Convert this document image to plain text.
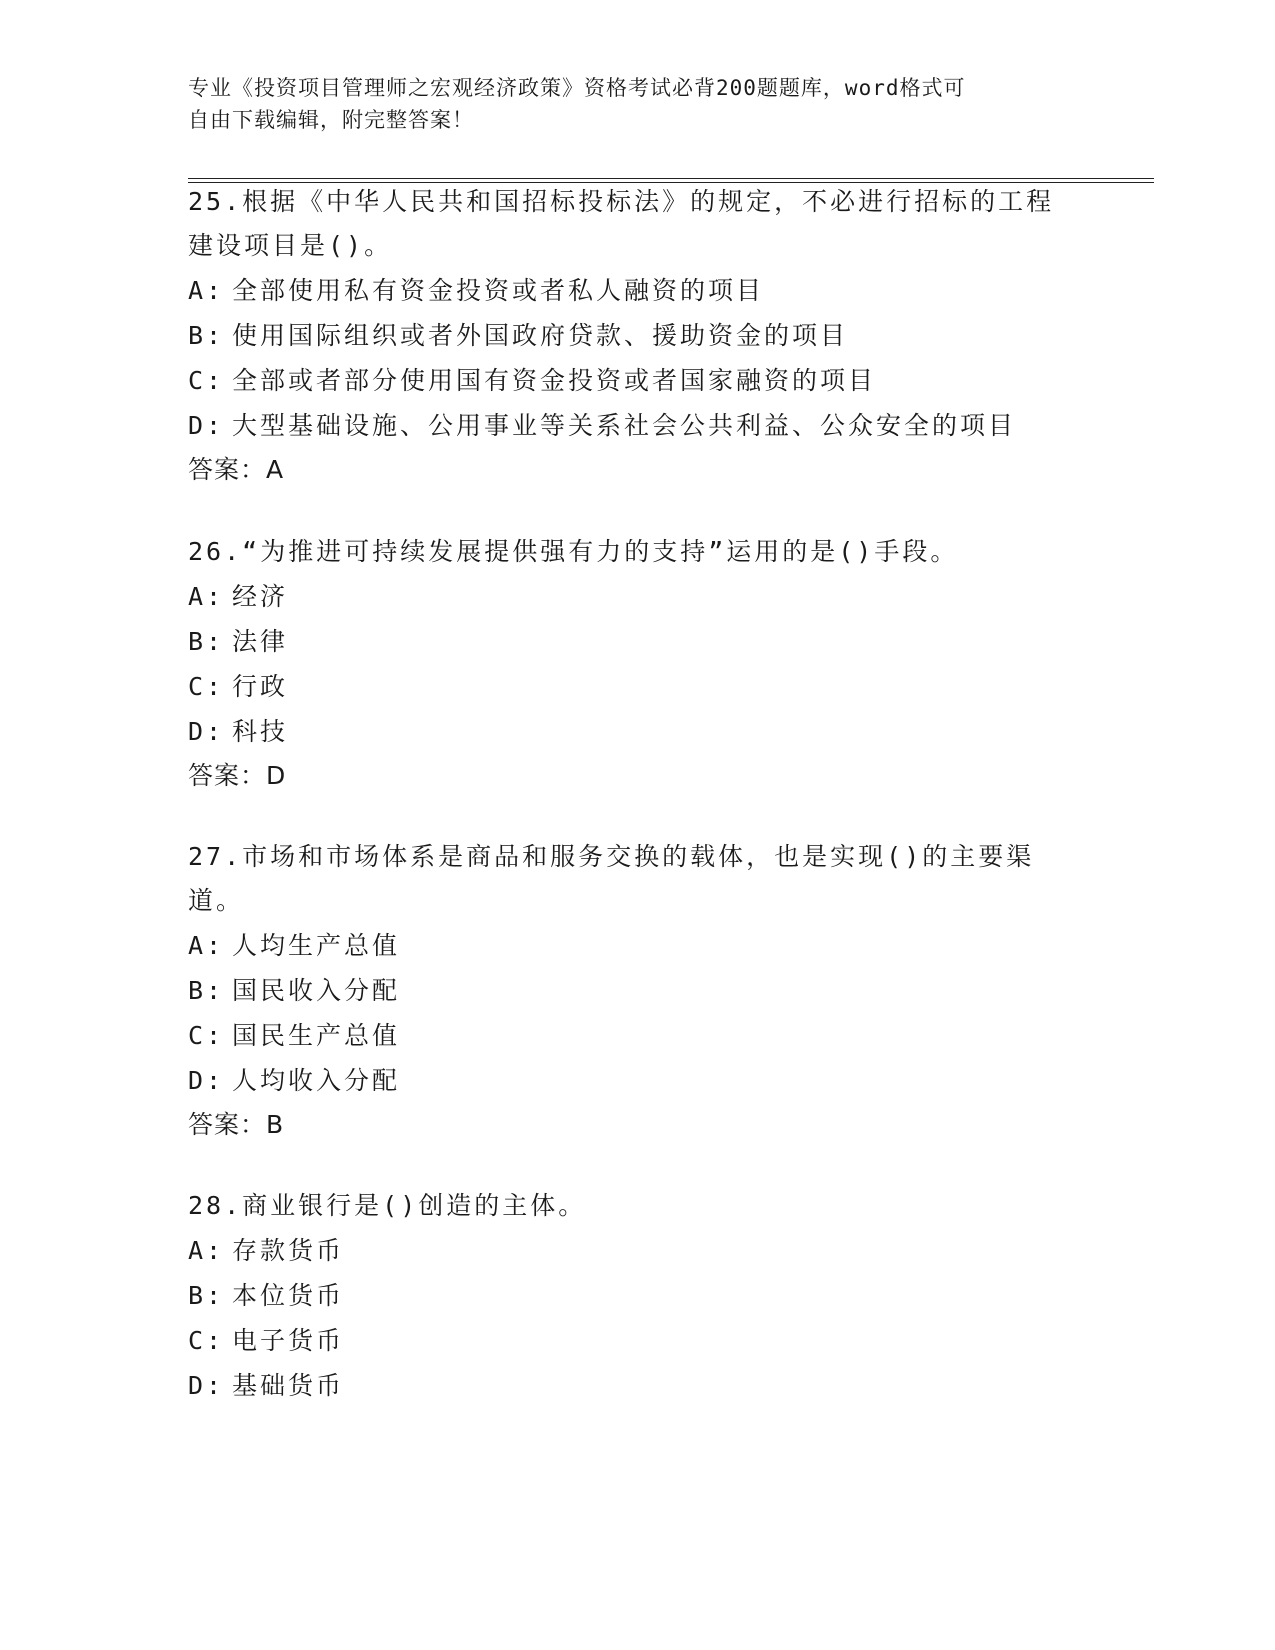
专业《投资项目管理师之宏观经济政策》资格考试必背200题题库，word格式可
自由下载编辑，附完整答案！
25.根据《中华人民共和国招标投标法》的规定，不必进行招标的工程建设项目是()。
A: 全部使用私有资金投资或者私人融资的项目
B: 使用国际组织或者外国政府贷款、援助资金的项目
C: 全部或者部分使用国有资金投资或者国家融资的项目
D: 大型基础设施、公用事业等关系社会公共利益、公众安全的项目
答案：A
26.“为推进可持续发展提供强有力的支持”运用的是()手段。
A: 经济
B: 法律
C: 行政
D: 科技
答案：D
27.市场和市场体系是商品和服务交换的载体，也是实现()的主要渠道。
A: 人均生产总值
B: 国民收入分配
C: 国民生产总值
D: 人均收入分配
答案：B
28.商业银行是()创造的主体。
A: 存款货币
B: 本位货币
C: 电子货币
D: 基础货币
